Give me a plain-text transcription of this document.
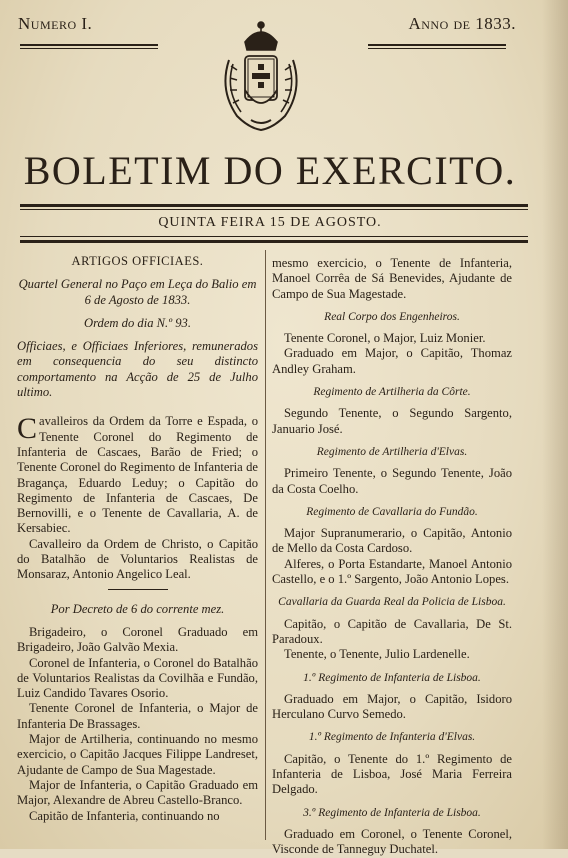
Numero I.	Anno de 1833.
BOLETIM DO EXERCITO.
QUINTA FEIRA 15 DE AGOSTO.

ARTIGOS OFFICIAES.

Quartel General no Paço em Leça do Balio em 6 de Agosto de 1833.

Ordem do dia N.º 93.

Officiaes, e Officiaes Inferiores, remunerados em consequencia do seu distincto comportamento na Acção de 25 de Julho ultimo.

Cavalleiros da Ordem da Torre e Espada, o Tenente Coronel do Regimento de Infanteria de Cascaes, Barão de Fried; o Tenente Coronel do Regimento de Infanteria de Bragança, Eduardo Leduy; o Capitão do Regimento de Infanteria de Cascaes, De Bernovilli, e o Tenente de Cavallaria, A. de Kersabiec.

Cavalleiro da Ordem de Christo, o Capitão do Batalhão de Voluntarios Realistas de Monsaraz, Antonio Angelico Leal.

Por Decreto de 6 do corrente mez.

Brigadeiro, o Coronel Graduado em Brigadeiro, João Galvão Mexia.

Coronel de Infanteria, o Coronel do Batalhão de Voluntarios Realistas da Covilhãa e Fundão, Luiz Candido Tavares Osorio.

Tenente Coronel de Infanteria, o Major de Infanteria De Brassages.

Major de Artilheria, continuando no mesmo exercicio, o Capitão Jacques Filippe Landreset, Ajudante de Campo de Sua Magestade.

Major de Infanteria, o Capitão Graduado em Major, Alexandre de Abreu Castello-Branco.

Capitão de Infanteria, continuando no

mesmo exercicio, o Tenente de Infanteria, Manoel Corrêa de Sá Benevides, Ajudante de Campo de Sua Magestade.

Real Corpo dos Engenheiros.

Tenente Coronel, o Major, Luiz Monier.

Graduado em Major, o Capitão, Thomaz Andley Graham.

Regimento de Artilheria da Côrte.

Segundo Tenente, o Segundo Sargento, Januario José.

Regimento de Artilheria d'Elvas.

Primeiro Tenente, o Segundo Tenente, João da Costa Coelho.

Regimento de Cavallaria do Fundão.

Major Supranumerario, o Capitão, Antonio de Mello da Costa Cardoso.

Alferes, o Porta Estandarte, Manoel Antonio Castello, e o 1.º Sargento, João Antonio Lopes.

Cavallaria da Guarda Real da Policia de Lisboa.

Capitão, o Capitão de Cavallaria, De St. Paradoux.

Tenente, o Tenente, Julio Lardenelle.

1.º Regimento de Infanteria de Lisboa.

Graduado em Major, o Capitão, Isidoro Herculano Curvo Semedo.

1.º Regimento de Infanteria d'Elvas.

Capitão, o Tenente do 1.º Regimento de Infanteria de Lisboa, José Maria Ferreira Delgado.

3.º Regimento de Infanteria de Lisboa.

Graduado em Coronel, o Tenente Coronel, Visconde de Tanneguy Duchatel.
